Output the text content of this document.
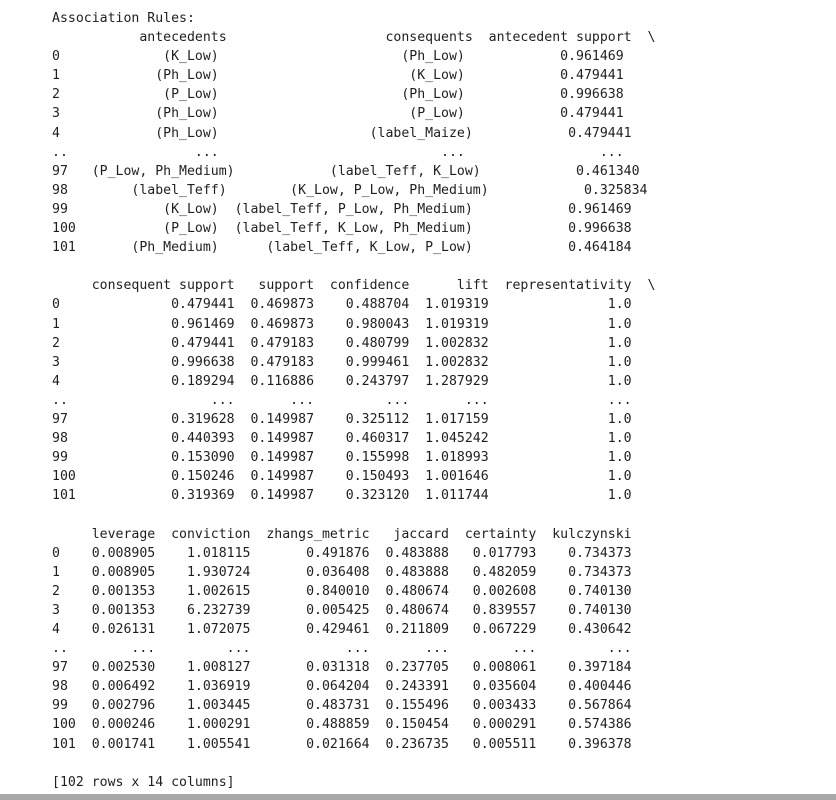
Association Rules:
antecedents                    consequents  antecedent support  \
0             (K_Low)                       (Ph_Low)            0.961469
1            (Ph_Low)                        (K_Low)            0.479441
2             (P_Low)                       (Ph_Low)            0.996638
3            (Ph_Low)                        (P_Low)            0.479441
4            (Ph_Low)                   (label_Maize)            0.479441
..                ...                            ...                 ...
97   (P_Low, Ph_Medium)            (label_Teff, K_Low)            0.461340
98        (label_Teff)        (K_Low, P_Low, Ph_Medium)            0.325834
99            (K_Low)  (label_Teff, P_Low, Ph_Medium)            0.961469
100           (P_Low)  (label_Teff, K_Low, Ph_Medium)            0.996638
101       (Ph_Medium)      (label_Teff, K_Low, P_Low)            0.464184
consequent support   support  confidence      lift  representativity  \
0              0.479441  0.469873    0.488704  1.019319               1.0
1              0.961469  0.469873    0.980043  1.019319               1.0
2              0.479441  0.479183    0.480799  1.002832               1.0
3              0.996638  0.479183    0.999461  1.002832               1.0
4              0.189294  0.116886    0.243797  1.287929               1.0
..                  ...       ...         ...       ...               ...
97             0.319628  0.149987    0.325112  1.017159               1.0
98             0.440393  0.149987    0.460317  1.045242               1.0
99             0.153090  0.149987    0.155998  1.018993               1.0
100            0.150246  0.149987    0.150493  1.001646               1.0
101            0.319369  0.149987    0.323120  1.011744               1.0
leverage  conviction  zhangs_metric   jaccard  certainty  kulczynski
0    0.008905    1.018115       0.491876  0.483888   0.017793    0.734373
1    0.008905    1.930724       0.036408  0.483888   0.482059    0.734373
2    0.001353    1.002615       0.840010  0.480674   0.002608    0.740130
3    0.001353    6.232739       0.005425  0.480674   0.839557    0.740130
4    0.026131    1.072075       0.429461  0.211809   0.067229    0.430642
..        ...         ...            ...       ...        ...         ...
97   0.002530    1.008127       0.031318  0.237705   0.008061    0.397184
98   0.006492    1.036919       0.064204  0.243391   0.035604    0.400446
99   0.002796    1.003445       0.483731  0.155496   0.003433    0.567864
100  0.000246    1.000291       0.488859  0.150454   0.000291    0.574386
101  0.001741    1.005541       0.021664  0.236735   0.005511    0.396378
[102 rows x 14 columns]
